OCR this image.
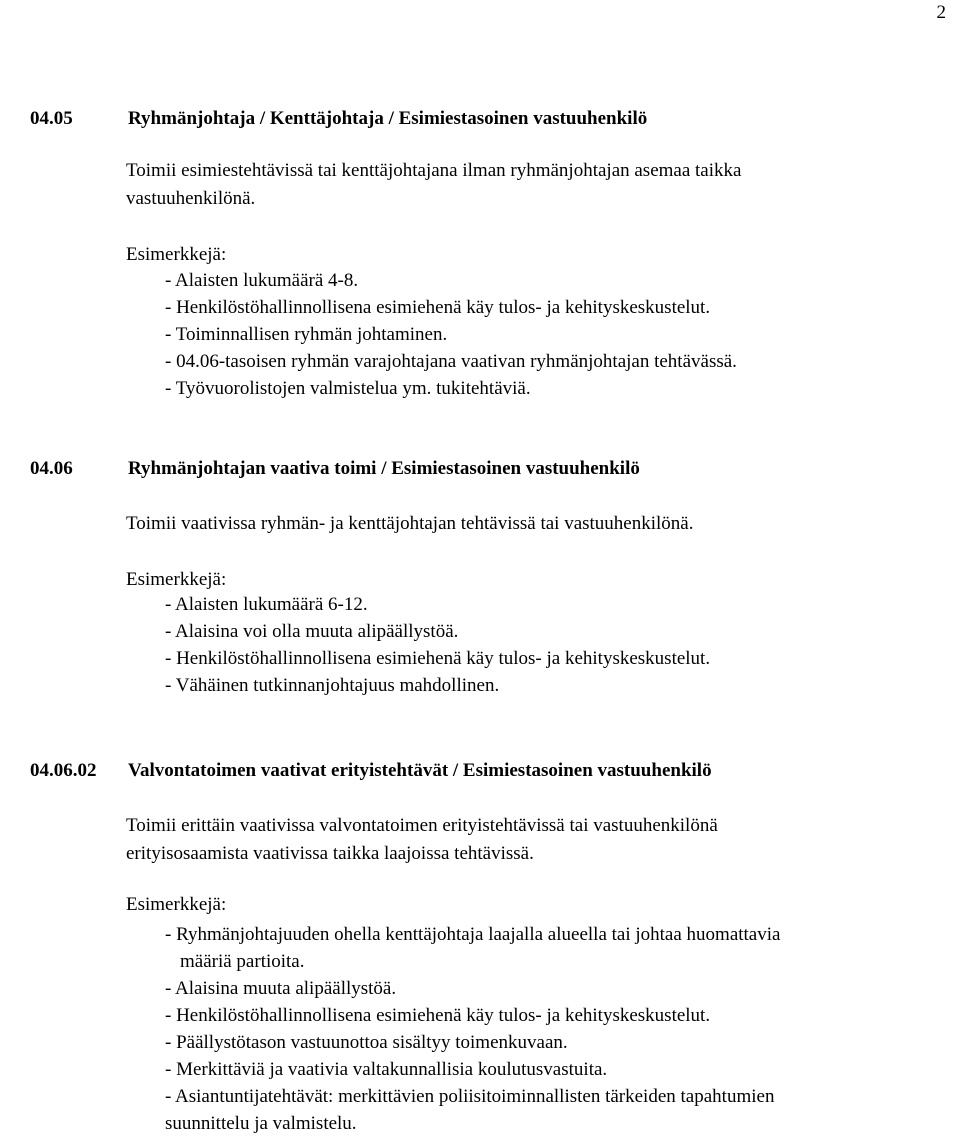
2
04.05	Ryhmänjohtaja / Kenttäjohtaja / Esimiestasoinen vastuuhenkilö
Toimii esimiestehtävissä tai kenttäjohtajana ilman ryhmänjohtajan asemaa taikka
vastuuhenkilönä.
Esimerkkejä:
- Alaisten lukumäärä 4-8.
- Henkilöstöhallinnollisena esimiehenä käy tulos- ja kehityskeskustelut.
- Toiminnallisen ryhmän johtaminen.
- 04.06-tasoisen ryhmän varajohtajana vaativan ryhmänjohtajan tehtävässä.
- Työvuorolistojen valmistelua ym. tukitehtäviä.
04.06	Ryhmänjohtajan vaativa toimi / Esimiestasoinen vastuuhenkilö
Toimii vaativissa ryhmän- ja kenttäjohtajan tehtävissä tai vastuuhenkilönä.
Esimerkkejä:
- Alaisten lukumäärä 6-12.
- Alaisina voi olla muuta alipäällystöä.
- Henkilöstöhallinnollisena esimiehenä käy tulos- ja kehityskeskustelut.
- Vähäinen tutkinnanjohtajuus mahdollinen.
04.06.02 Valvontatoimen vaativat erityistehtävät / Esimiestasoinen vastuuhenkilö
Toimii erittäin vaativissa valvontatoimen erityistehtävissä tai vastuuhenkilönä
erityisosaamista vaativissa taikka laajoissa tehtävissä.
Esimerkkejä:
- Ryhmänjohtajuuden ohella kenttäjohtaja laajalla alueella tai johtaa huomattavia
määriä partioita.
- Alaisina muuta alipäällystöä.
- Henkilöstöhallinnollisena esimiehenä käy tulos- ja kehityskeskustelut.
- Päällystötason vastuunottoa sisältyy toimenkuvaan.
- Merkittäviä ja vaativia valtakunnallisia koulutusvastuita.
- Asiantuntijatehtävät: merkittävien poliisitoiminnallisten tärkeiden tapahtumien
suunnittelu ja valmistelu.
